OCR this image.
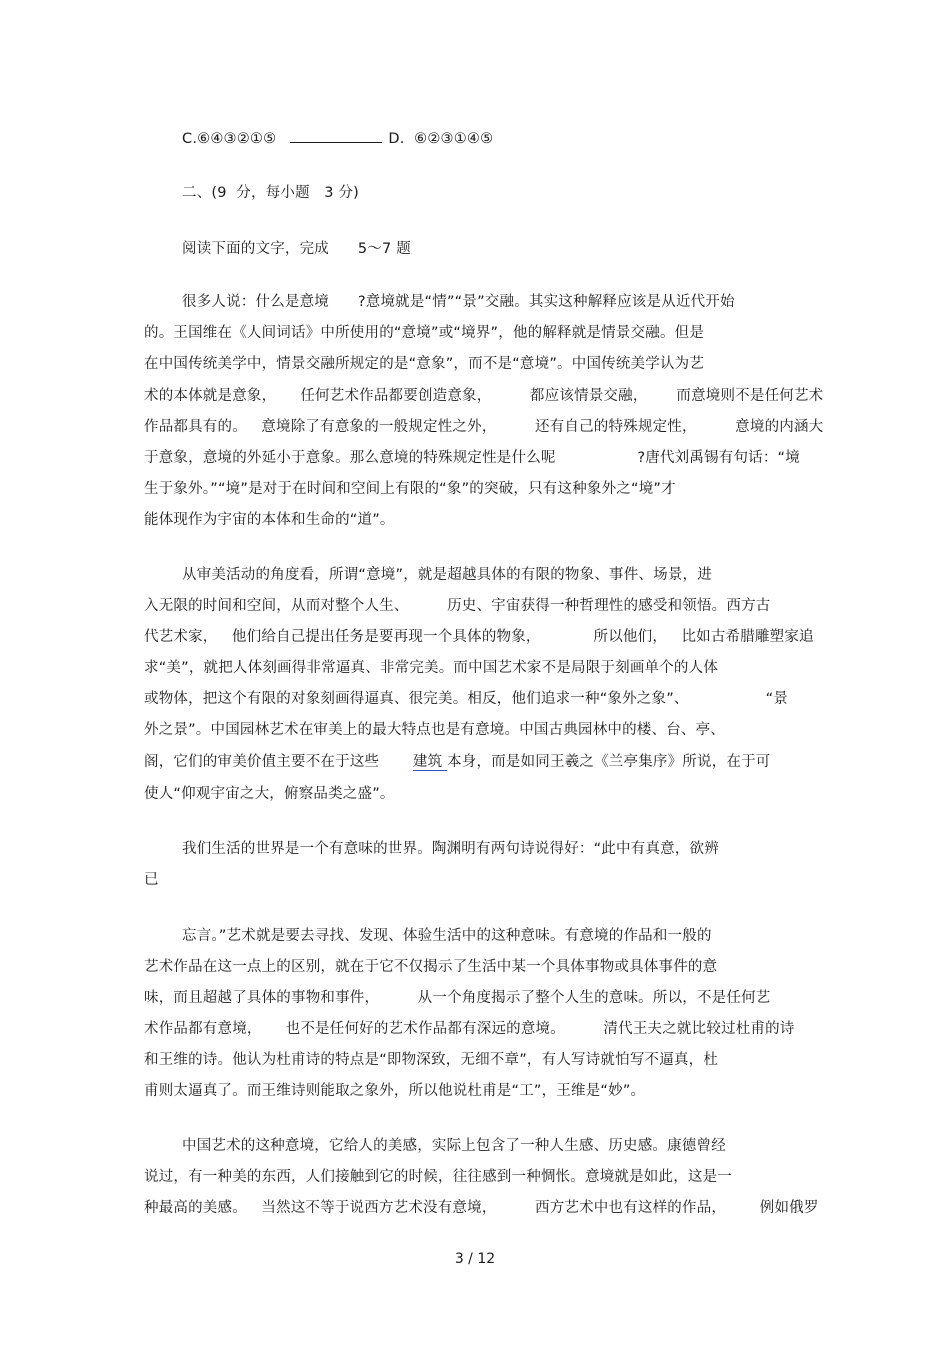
C.⑥④③②①⑤	D.  ⑥②③①④⑤
二、(9  分，每小题   3 分)
阅读下面的文字，完成      5～7 题
很多人说：什么是意境      ?意境就是“情”“景”交融。其实这种解释应该是从近代开始
的。王国维在《人间词话》中所使用的“意境”或“境界”，他的解释就是情景交融。但是
在中国传统美学中，情景交融所规定的是“意象”，而不是“意境”。中国传统美学认为艺
术的本体就是意象，     任何艺术作品都要创造意象，        都应该情景交融，      而意境则不是任何艺术
作品都具有的。   意境除了有意象的一般规定性之外，        还有自己的特殊规定性，        意境的内涵大
于意象，意境的外延小于意象。那么意境的特殊规定性是什么呢                 ?唐代刘禹锡有句话：“境
生于象外。”“境”是对于在时间和空间上有限的“象”的突破，只有这种象外之“境”才
能体现作为宇宙的本体和生命的“道”。
从审美活动的角度看，所谓“意境”，就是超越具体的有限的物象、事件、场景，进
入无限的时间和空间，从而对整个人生、        历史、宇宙获得一种哲理性的感受和领悟。西方古
代艺术家，   他们给自己提出任务是要再现一个具体的物象，           所以他们，   比如古希腊雕塑家追
求“美”，就把人体刻画得非常逼真、非常完美。而中国艺术家不是局限于刻画单个的人体
或物体，把这个有限的对象刻画得逼真、很完美。相反，他们追求一种“象外之象”、                “景
外之景”。中国园林艺术在审美上的最大特点也是有意境。中国古典园林中的楼、台、亭、
阁，它们的审美价值主要不在于这些       建筑 本身，而是如同王羲之《兰亭集序》所说，在于可
使人“仰观宇宙之大，俯察品类之盛”。
我们生活的世界是一个有意味的世界。陶渊明有两句诗说得好：“此中有真意，欲辨
已
忘言。”艺术就是要去寻找、发现、体验生活中的这种意味。有意境的作品和一般的
艺术作品在这一点上的区别，就在于它不仅揭示了生活中某一个具体事物或具体事件的意
味，而且超越了具体的事物和事件，        从一个角度揭示了整个人生的意味。所以，不是任何艺
术作品都有意境，     也不是任何好的艺术作品都有深远的意境。        清代王夫之就比较过杜甫的诗
和王维的诗。他认为杜甫诗的特点是“即物深致，无细不章”，有人写诗就怕写不逼真，杜
甫则太逼真了。而王维诗则能取之象外，所以他说杜甫是“工”，王维是“妙”。
中国艺术的这种意境，它给人的美感，实际上包含了一种人生感、历史感。康德曾经
说过，有一种美的东西，人们接触到它的时候，往往感到一种惆怅。意境就是如此，这是一
种最高的美感。   当然这不等于说西方艺术没有意境，        西方艺术中也有这样的作品，       例如俄罗
3 / 12
